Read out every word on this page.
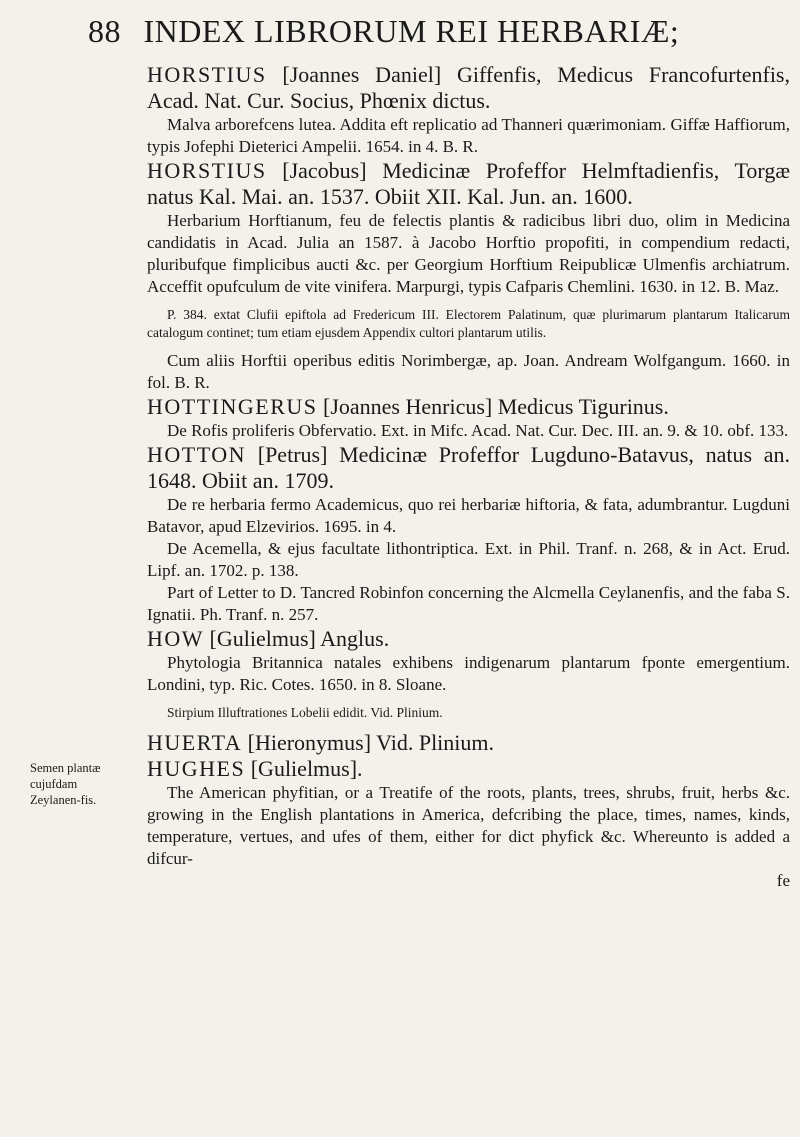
88 INDEX LIBRORUM REI HERBARIÆ;
Semen plantæ cujufdam Zeylanen-fis.

HORSTIUS [Joannes Daniel] Giffenfis, Medicus Francofurtenfis, Acad. Nat. Cur. Socius, Phœnix dictus.

Malva arborefcens lutea. Addita eft replicatio ad Thanneri quærimoniam. Giffæ Haffiorum, typis Jofephi Dieterici Ampelii. 1654. in 4. B. R.

HORSTIUS [Jacobus] Medicinæ Profeffor Helmftadienfis, Torgæ natus Kal. Mai. an. 1537. Obiit XII. Kal. Jun. an. 1600.

Herbarium Horftianum, feu de felectis plantis & radicibus libri duo, olim in Medicina candidatis in Acad. Julia an 1587. à Jacobo Horftio propofiti, in compendium redacti, pluribufque fimplicibus aucti &c. per Georgium Horftium Reipublicæ Ulmenfis archiatrum. Acceffit opufculum de vite vinifera. Marpurgi, typis Cafparis Chemlini. 1630. in 12. B. Maz.

P. 384. extat Clufii epiftola ad Fredericum III. Electorem Palatinum, quæ plurimarum plantarum Italicarum catalogum continet; tum etiam ejusdem Appendix cultori plantarum utilis.

Cum aliis Horftii operibus editis Norimbergæ, ap. Joan. Andream Wolfgangum. 1660. in fol. B. R.

HOTTINGERUS [Joannes Henricus] Medicus Tigurinus.

De Rofis proliferis Obfervatio. Ext. in Mifc. Acad. Nat. Cur. Dec. III. an. 9. & 10. obf. 133.

HOTTON [Petrus] Medicinæ Profeffor Lugduno-Batavus, natus an. 1648. Obiit an. 1709.

De re herbaria fermo Academicus, quo rei herbariæ hiftoria, & fata, adumbrantur. Lugduni Batavor, apud Elzevirios. 1695. in 4.

De Acemella, & ejus facultate lithontriptica. Ext. in Phil. Tranf. n. 268, & in Act. Erud. Lipf. an. 1702. p. 138.

Part of Letter to D. Tancred Robinfon concerning the Alcmella Ceylanenfis, and the faba S. Ignatii. Ph. Tranf. n. 257.

HOW [Gulielmus] Anglus.

Phytologia Britannica natales exhibens indigenarum plantarum fponte emergentium. Londini, typ. Ric. Cotes. 1650. in 8. Sloane.

Stirpium Illuftrationes Lobelii edidit. Vid. Plinium.

HUERTA [Hieronymus] Vid. Plinium.

HUGHES [Gulielmus].

The American phyfitian, or a Treatife of the roots, plants, trees, shrubs, fruit, herbs &c. growing in the English plantations in America, defcribing the place, times, names, kinds, temperature, vertues, and ufes of them, either for dict phyfick &c. Whereunto is added a difcur-

fe
